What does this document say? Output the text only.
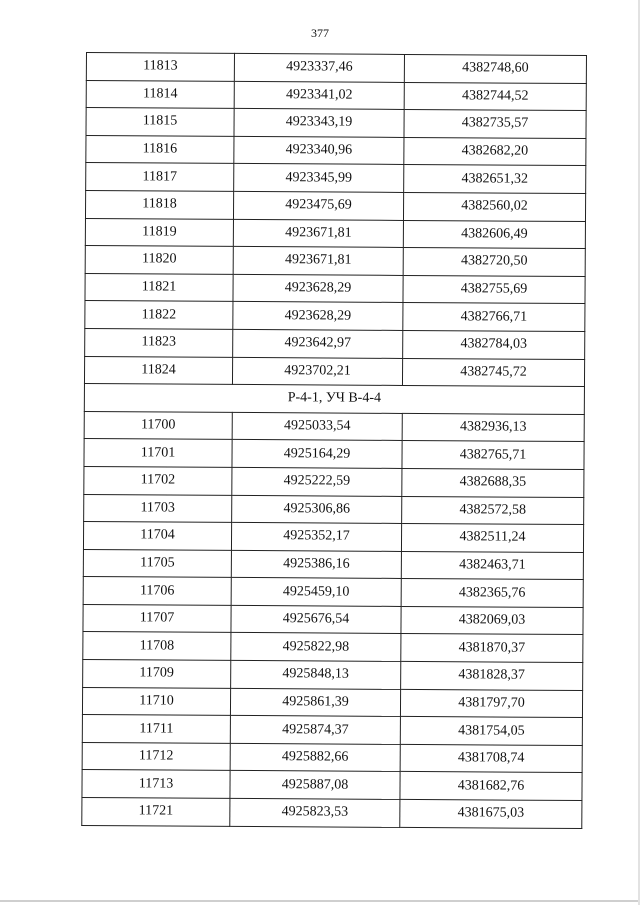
377
11813	4923337,46	4382748,60
11814	4923341,02	4382744,52
11815	4923343,19	4382735,57
11816	4923340,96	4382682,20
11817	4923345,99	4382651,32
11818	4923475,69	4382560,02
11819	4923671,81	4382606,49
11820	4923671,81	4382720,50
11821	4923628,29	4382755,69
11822	4923628,29	4382766,71
11823	4923642,97	4382784,03
11824	4923702,21	4382745,72
Р-4-1, УЧ В-4-4		
11700	4925033,54	4382936,13
11701	4925164,29	4382765,71
11702	4925222,59	4382688,35
11703	4925306,86	4382572,58
11704	4925352,17	4382511,24
11705	4925386,16	4382463,71
11706	4925459,10	4382365,76
11707	4925676,54	4382069,03
11708	4925822,98	4381870,37
11709	4925848,13	4381828,37
11710	4925861,39	4381797,70
11711	4925874,37	4381754,05
11712	4925882,66	4381708,74
11713	4925887,08	4381682,76
11721	4925823,53	4381675,03
